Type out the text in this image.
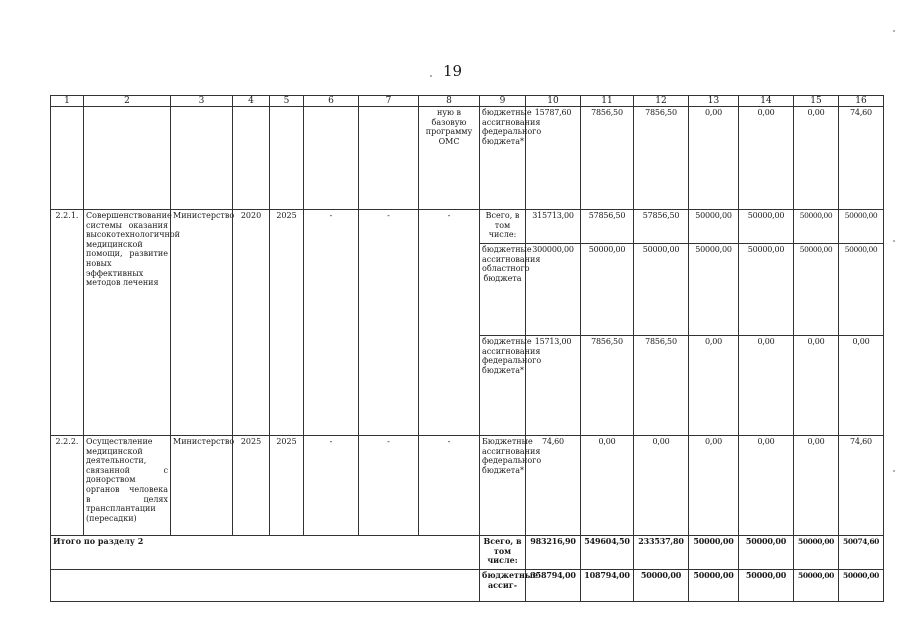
19
1	2	3	4	5	6	7	8	9	10	11	12	13	14	15	16
							ную в базовую программу ОМС	бюджетные ассигнования федерального бюджета*	15787,60	7856,50	7856,50	0,00	0,00	0,00	74,60
2.2.1.	Совершенствование системы оказания высокотехнологичной медицинской помощи, развитие новых эффективных методов лечения	Министерство	2020	2025	-	-	-	Всего, в том числе:	315713,00	57856,50	57856,50	50000,00	50000,00	50000,00	50000,00
								бюджетные ассигнования областного бюджета	300000,00	50000,00	50000,00	50000,00	50000,00	50000,00	50000,00
								бюджетные ассигнования федерального бюджета*	15713,00	7856,50	7856,50	0,00	0,00	0,00	0,00
2.2.2.	Осуществление медицинской деятельности, связанной с донорством органов человека в целях трансплантации (пересадки)	Министерство	2025	2025	-	-	-	Бюджетные ассигнования федерального бюджета*	74,60	0,00	0,00	0,00	0,00	0,00	74,60
Итого по разделу 2								Всего, в том числе:	983216,90	549604,50	233537,80	50000,00	50000,00	50000,00	50074,60
								бюджетные ассиг-	358794,00	108794,00	50000,00	50000,00	50000,00	50000,00	50000,00
